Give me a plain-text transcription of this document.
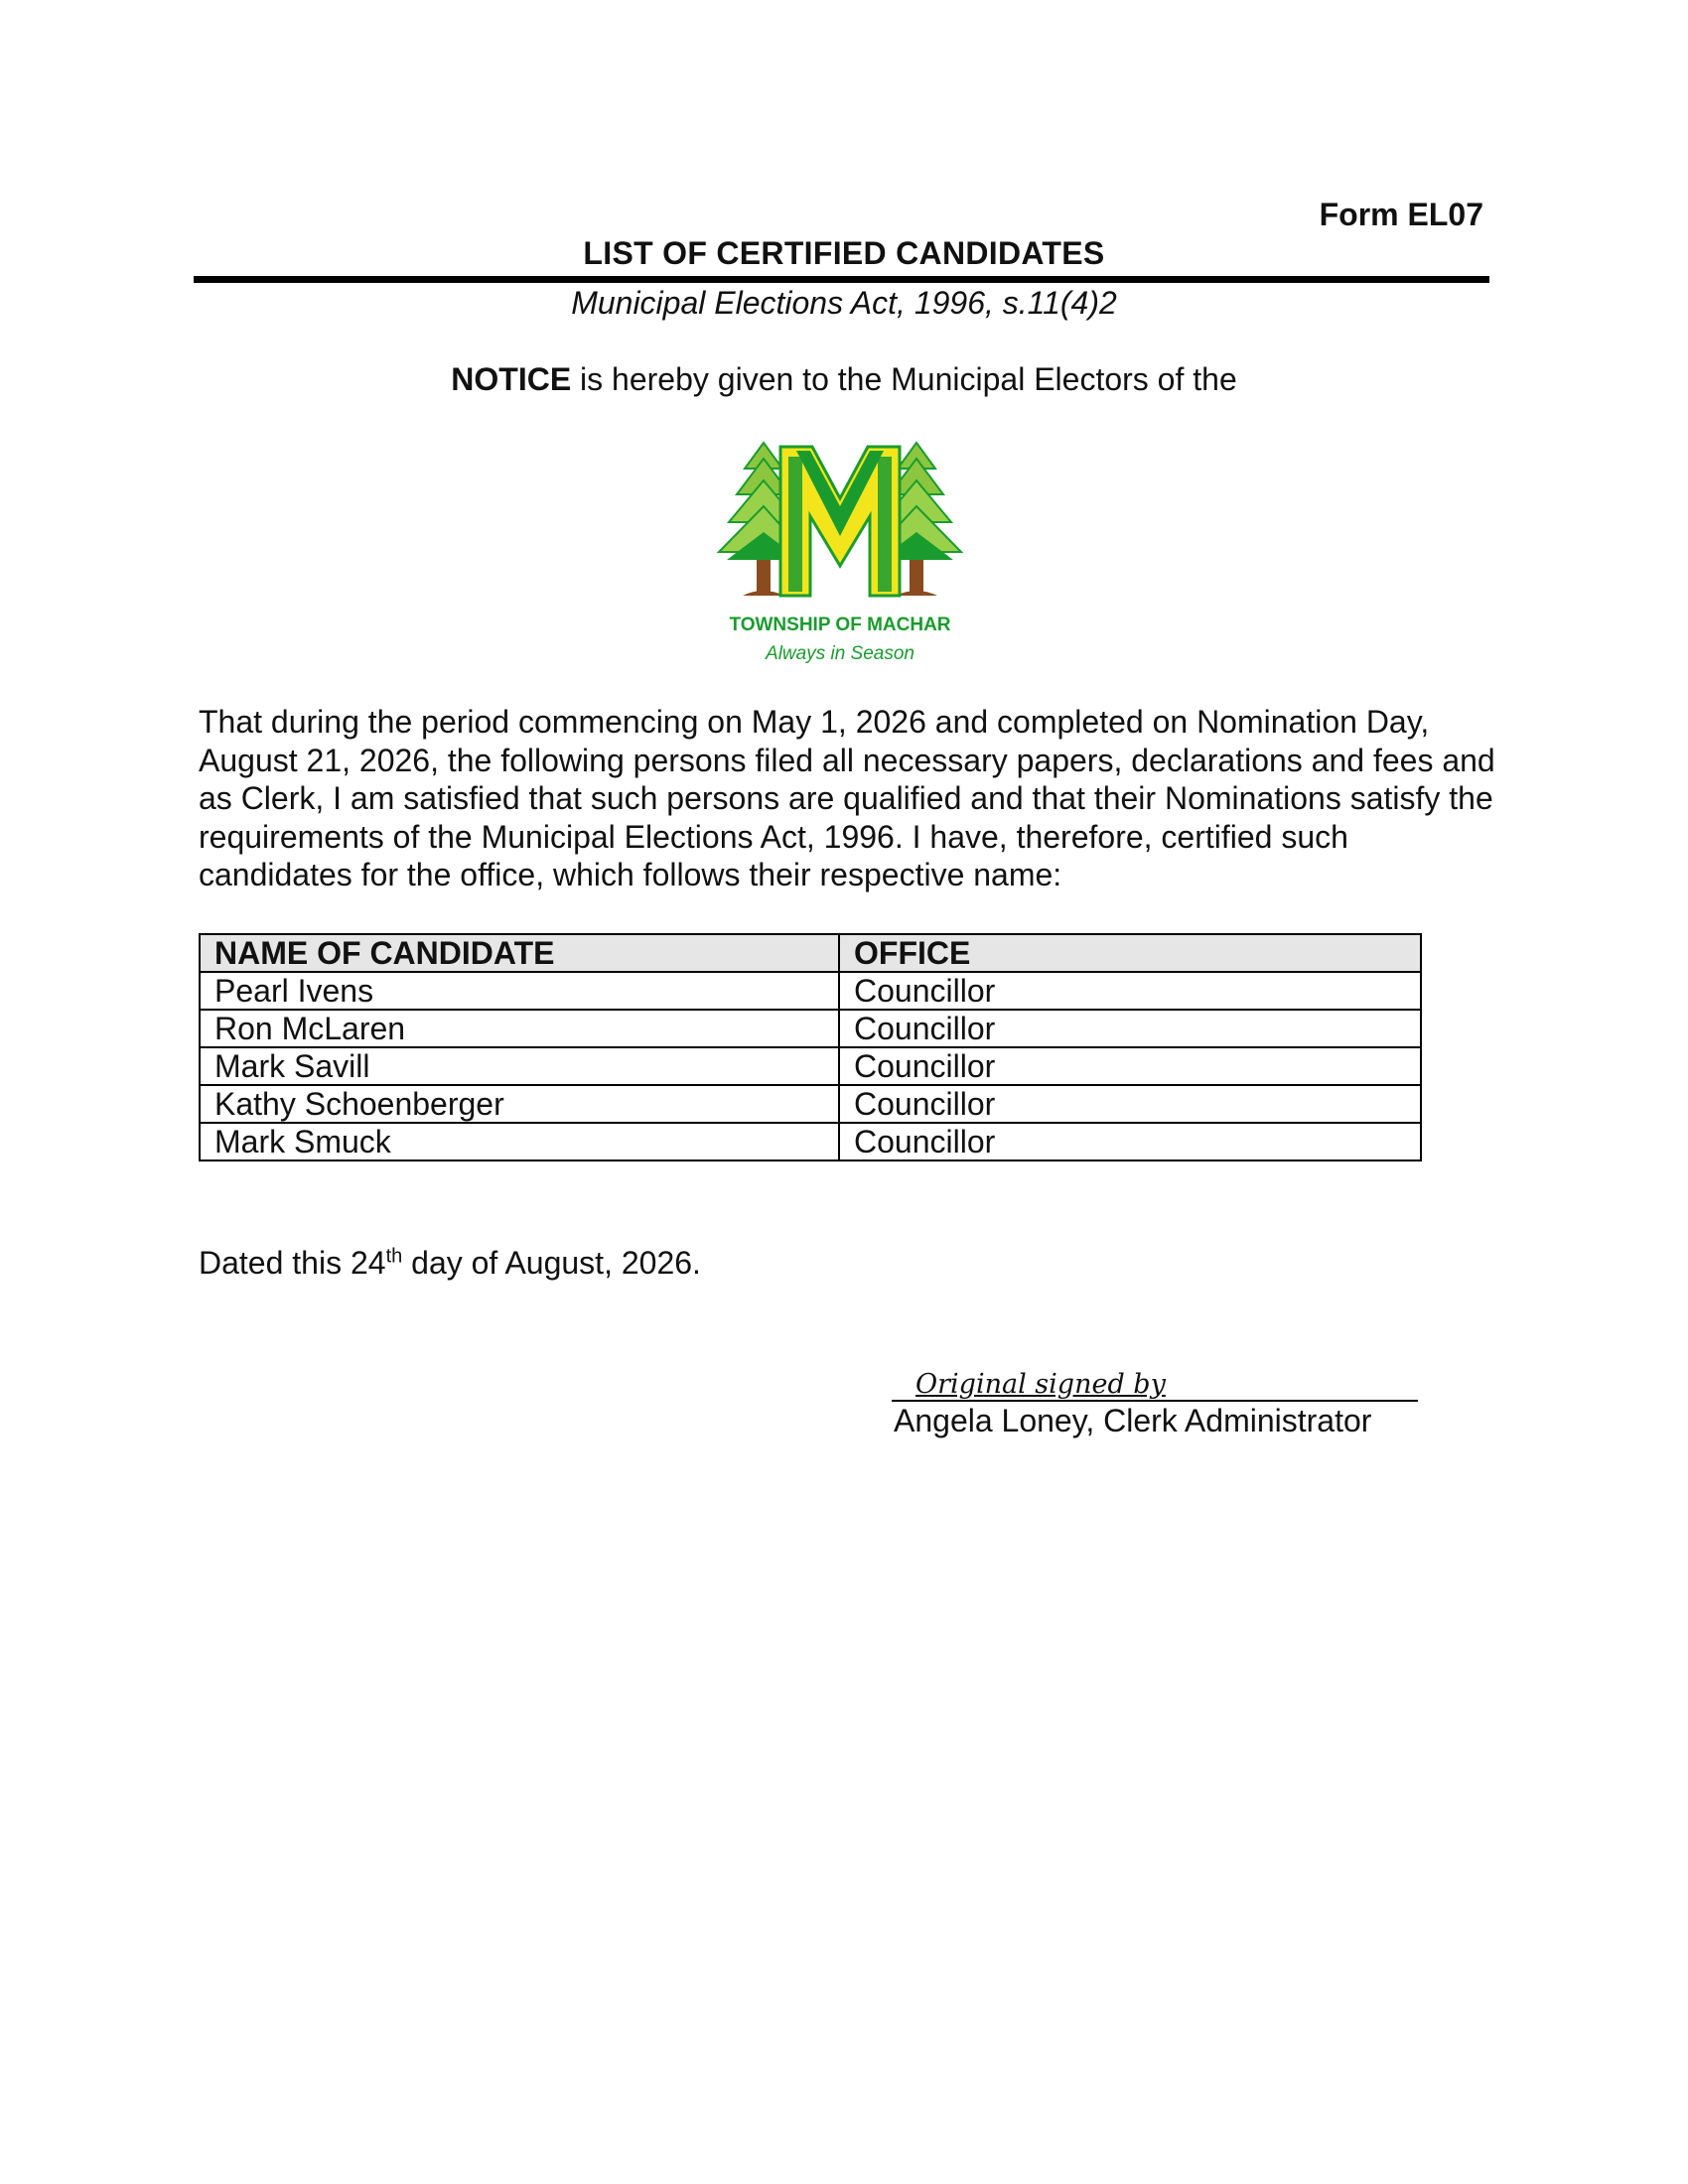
Form EL07
LIST OF CERTIFIED CANDIDATES
Municipal Elections Act, 1996, s.11(4)2
NOTICE is hereby given to the Municipal Electors of the
TOWNSHIP OF MACHAR
Always in Season
That during the period commencing on May 1, 2026 and completed on Nomination Day, August 21, 2026, the following persons filed all necessary papers, declarations and fees and as Clerk, I am satisfied that such persons are qualified and that their Nominations satisfy the requirements of the Municipal Elections Act, 1996. I have, therefore, certified such candidates for the office, which follows their respective name:
NAME OF CANDIDATE	OFFICE
Pearl Ivens	Councillor
Ron McLaren	Councillor
Mark Savill	Councillor
Kathy Schoenberger	Councillor
Mark Smuck	Councillor
Dated this 24th day of August, 2026.
Original signed by
Angela Loney, Clerk Administrator
